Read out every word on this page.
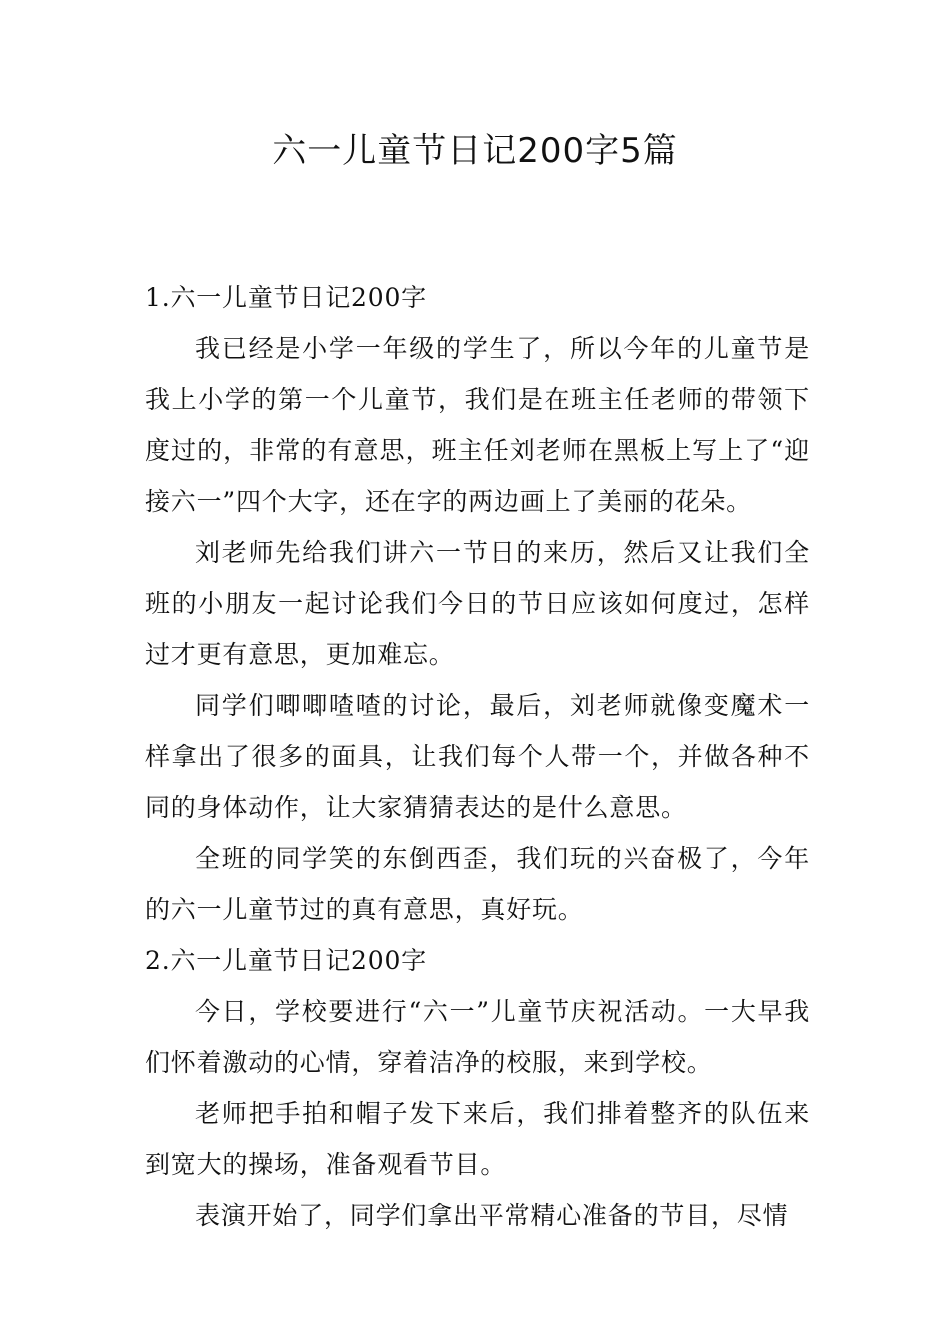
六一儿童节日记200字5篇
1.六一儿童节日记200字

我已经是小学一年级的学生了，所以今年的儿童节是我上小学的第一个儿童节，我们是在班主任老师的带领下度过的，非常的有意思，班主任刘老师在黑板上写上了“迎接六一”四个大字，还在字的两边画上了美丽的花朵。

刘老师先给我们讲六一节日的来历，然后又让我们全班的小朋友一起讨论我们今日的节日应该如何度过，怎样过才更有意思，更加难忘。

同学们唧唧喳喳的讨论，最后，刘老师就像变魔术一样拿出了很多的面具，让我们每个人带一个，并做各种不同的身体动作，让大家猜猜表达的是什么意思。

全班的同学笑的东倒西歪，我们玩的兴奋极了，今年的六一儿童节过的真有意思，真好玩。

2.六一儿童节日记200字

今日，学校要进行“六一”儿童节庆祝活动。一大早我们怀着激动的心情，穿着洁净的校服，来到学校。

老师把手拍和帽子发下来后，我们排着整齐的队伍来到宽大的操场，准备观看节目。

表演开始了，同学们拿出平常精心准备的节目，尽情
